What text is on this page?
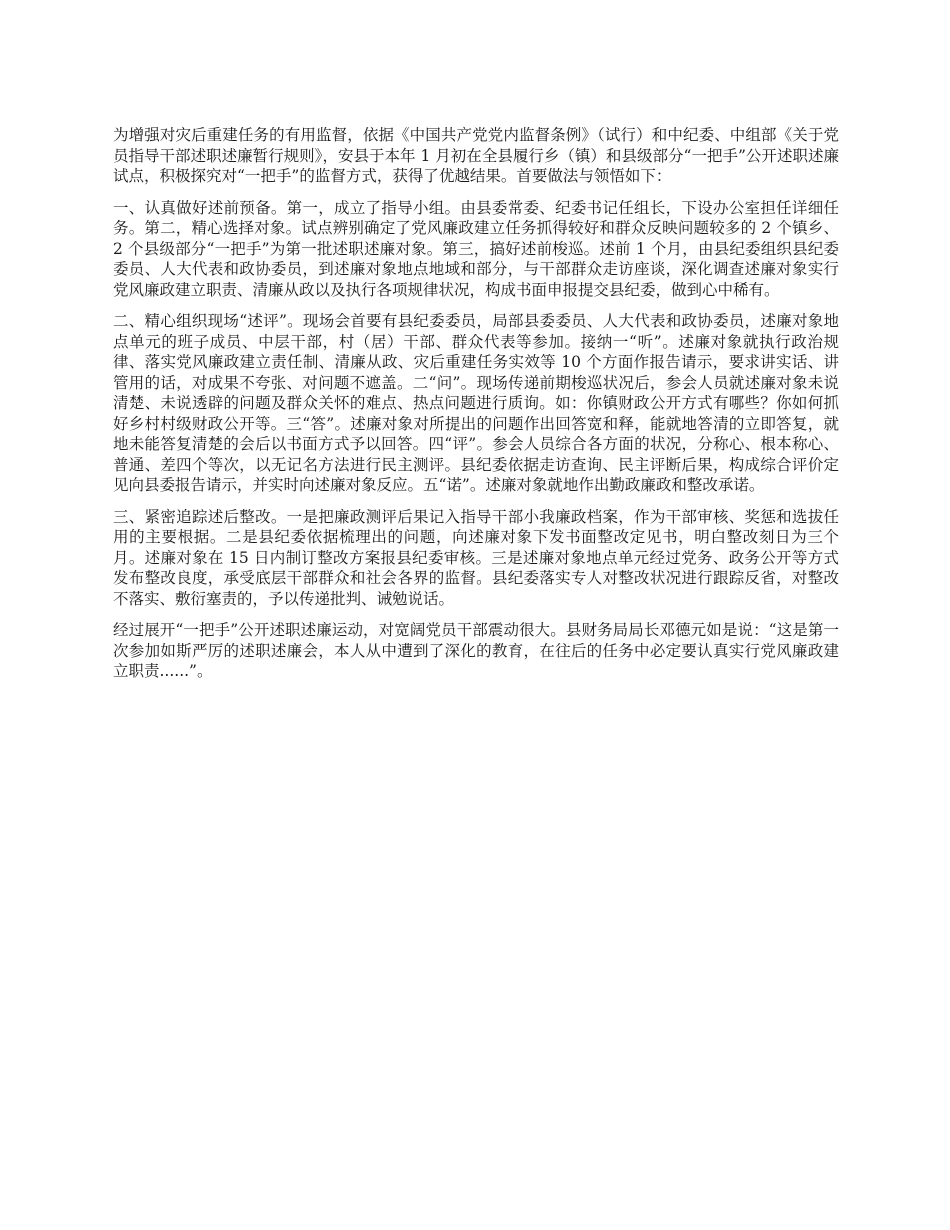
为增强对灾后重建任务的有用监督，依据《中国共产党党内监督条例》（试行）和中纪委、中组部《关于党员指导干部述职述廉暂行规则》，安县于本年 1 月初在全县履行乡（镇）和县级部分“一把手”公开述职述廉试点，积极探究对“一把手”的监督方式，获得了优越结果。首要做法与领悟如下：

一、认真做好述前预备。第一，成立了指导小组。由县委常委、纪委书记任组长，下设办公室担任详细任务。第二，精心选择对象。试点辨别确定了党风廉政建立任务抓得较好和群众反映问题较多的 2 个镇乡、2 个县级部分“一把手”为第一批述职述廉对象。第三，搞好述前梭巡。述前 1 个月，由县纪委组织县纪委委员、人大代表和政协委员，到述廉对象地点地域和部分，与干部群众走访座谈，深化调查述廉对象实行党风廉政建立职责、清廉从政以及执行各项规律状况，构成书面申报提交县纪委，做到心中稀有。

二、精心组织现场“述评”。现场会首要有县纪委委员，局部县委委员、人大代表和政协委员，述廉对象地点单元的班子成员、中层干部，村（居）干部、群众代表等参加。接纳一“听”。述廉对象就执行政治规律、落实党风廉政建立责任制、清廉从政、灾后重建任务实效等 10 个方面作报告请示，要求讲实话、讲管用的话，对成果不夸张、对问题不遮盖。二“问”。现场传递前期梭巡状况后，参会人员就述廉对象未说清楚、未说透辟的问题及群众关怀的难点、热点问题进行质询。如：你镇财政公开方式有哪些？你如何抓好乡村村级财政公开等。三“答”。述廉对象对所提出的问题作出回答宽和释，能就地答清的立即答复，就地未能答复清楚的会后以书面方式予以回答。四“评”。参会人员综合各方面的状况，分称心、根本称心、普通、差四个等次，以无记名方法进行民主测评。县纪委依据走访查询、民主评断后果，构成综合评价定见向县委报告请示，并实时向述廉对象反应。五“诺”。述廉对象就地作出勤政廉政和整改承诺。

三、紧密追踪述后整改。一是把廉政测评后果记入指导干部小我廉政档案，作为干部审核、奖惩和选拔任用的主要根据。二是县纪委依据梳理出的问题，向述廉对象下发书面整改定见书，明白整改刻日为三个月。述廉对象在 15 日内制订整改方案报县纪委审核。三是述廉对象地点单元经过党务、政务公开等方式发布整改良度，承受底层干部群众和社会各界的监督。县纪委落实专人对整改状况进行跟踪反省，对整改不落实、敷衍塞责的，予以传递批判、诫勉说话。

经过展开“一把手”公开述职述廉运动，对宽阔党员干部震动很大。县财务局局长邓德元如是说：“这是第一次参加如斯严厉的述职述廉会，本人从中遭到了深化的教育，在往后的任务中必定要认真实行党风廉政建立职责......”。
